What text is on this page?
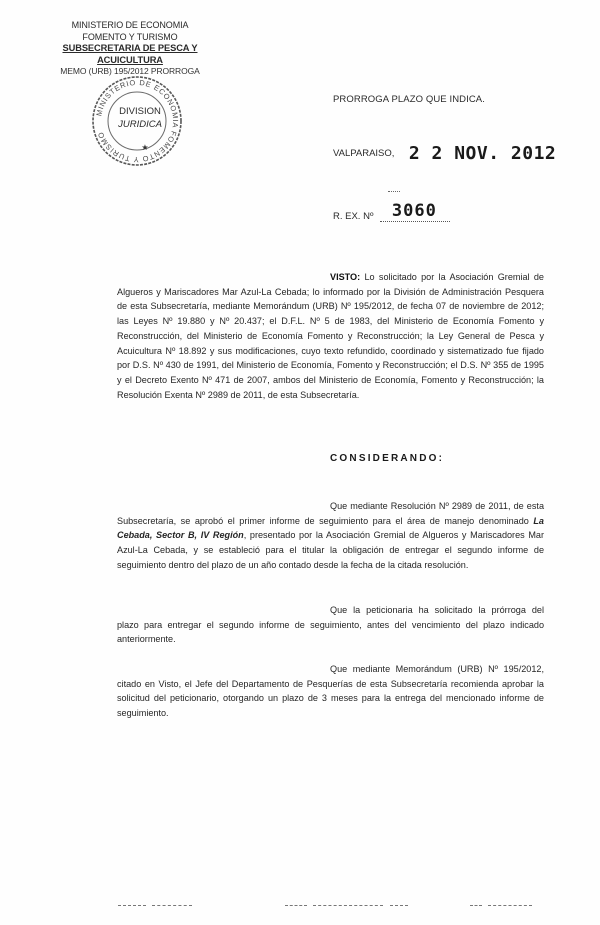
MINISTERIO DE ECONOMIA
FOMENTO Y TURISMO
SUBSECRETARIA DE PESCA Y ACUICULTURA
MEMO (URB) 195/2012 PRORROGA
MINISTERIO DE ECONOMIA FOMENTO Y TURISMO
DIVISION
JURIDICA
★
PRORROGA PLAZO QUE INDICA.
VALPARAISO, 2 2 NOV. 2012
R. EX. Nº 3060
VISTO: Lo solicitado por la Asociación Gremial de Algueros y Mariscadores Mar Azul-La Cebada; lo informado por la División de Administración Pesquera de esta Subsecretaría, mediante Memorándum (URB) Nº 195/2012, de fecha 07 de noviembre de 2012; las Leyes Nº 19.880 y Nº 20.437; el D.F.L. Nº 5 de 1983, del Ministerio de Economía Fomento y Reconstrucción, del Ministerio de Economía Fomento y Reconstrucción; la Ley General de Pesca y Acuicultura Nº 18.892 y sus modificaciones, cuyo texto refundido, coordinado y sistematizado fue fijado por D.S. Nº 430 de 1991, del Ministerio de Economía, Fomento y Reconstrucción; el D.S. Nº 355 de 1995 y el Decreto Exento Nº 471 de 2007, ambos del Ministerio de Economía, Fomento y Reconstrucción; la Resolución Exenta Nº 2989 de 2011, de esta Subsecretaría.
CONSIDERANDO:
Que mediante Resolución Nº 2989 de 2011, de esta Subsecretaría, se aprobó el primer informe de seguimiento para el área de manejo denominado La Cebada, Sector B, IV Región, presentado por la Asociación Gremial de Algueros y Mariscadores Mar Azul-La Cebada, y se estableció para el titular la obligación de entregar el segundo informe de seguimiento dentro del plazo de un año contado desde la fecha de la citada resolución.
Que la peticionaria ha solicitado la prórroga del plazo para entregar el segundo informe de seguimiento, antes del vencimiento del plazo indicado anteriormente.
Que mediante Memorándum (URB) Nº 195/2012, citado en Visto, el Jefe del Departamento de Pesquerías de esta Subsecretaría recomienda aprobar la solicitud del peticionario, otorgando un plazo de 3 meses para la entrega del mencionado informe de seguimiento.
